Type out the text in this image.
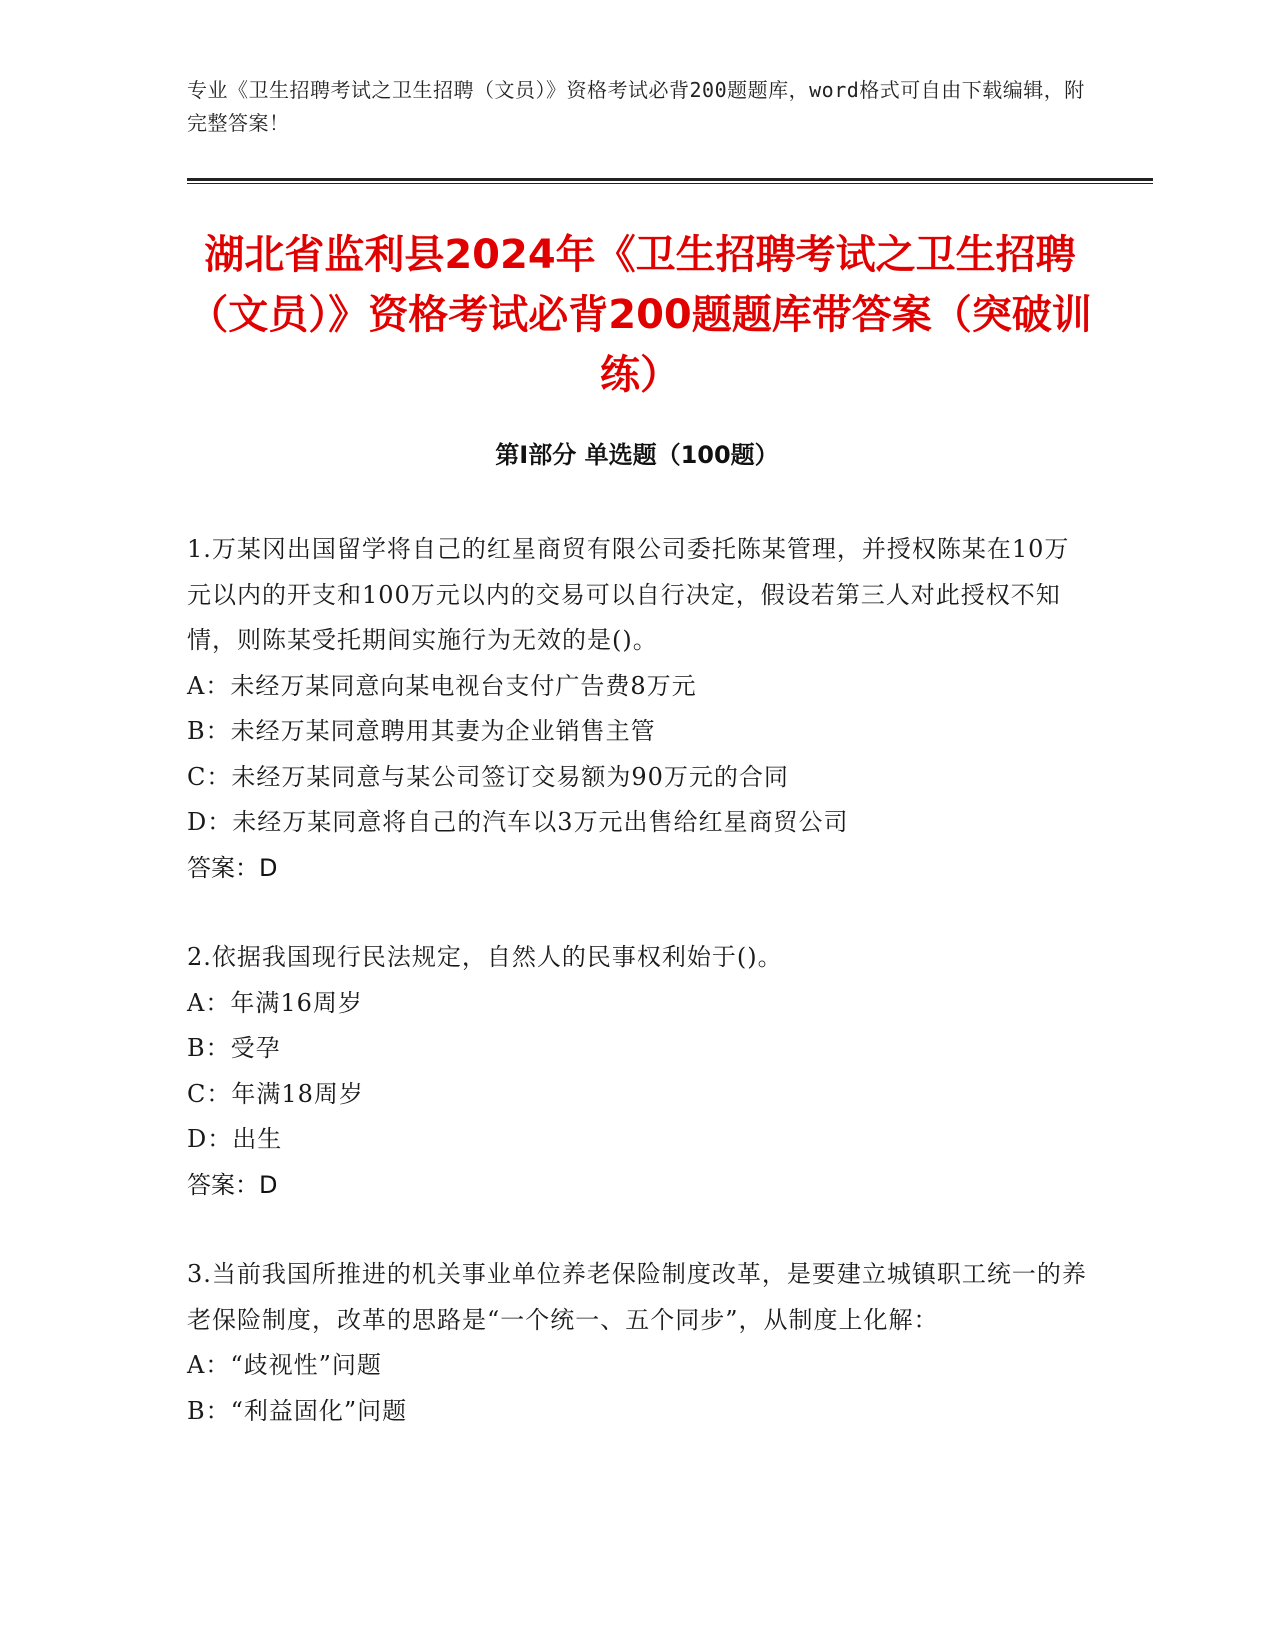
专业《卫生招聘考试之卫生招聘（文员）》资格考试必背200题题库，word格式可自由下载编辑，附完整答案！
湖北省监利县2024年《卫生招聘考试之卫生招聘（文员）》资格考试必背200题题库带答案（突破训练）
第I部分 单选题（100题）
1.万某冈出国留学将自己的红星商贸有限公司委托陈某管理，并授权陈某在10万元以内的开支和100万元以内的交易可以自行决定，假设若第三人对此授权不知情，则陈某受托期间实施行为无效的是()。
A：未经万某同意向某电视台支付广告费8万元
B：未经万某同意聘用其妻为企业销售主管
C：未经万某同意与某公司签订交易额为90万元的合同
D：未经万某同意将自己的汽车以3万元出售给红星商贸公司
答案：D
2.依据我国现行民法规定，自然人的民事权利始于()。
A：年满16周岁
B：受孕
C：年满18周岁
D：出生
答案：D
3.当前我国所推进的机关事业单位养老保险制度改革，是要建立城镇职工统一的养老保险制度，改革的思路是“一个统一、五个同步”，从制度上化解：
A：“歧视性”问题
B：“利益固化”问题
